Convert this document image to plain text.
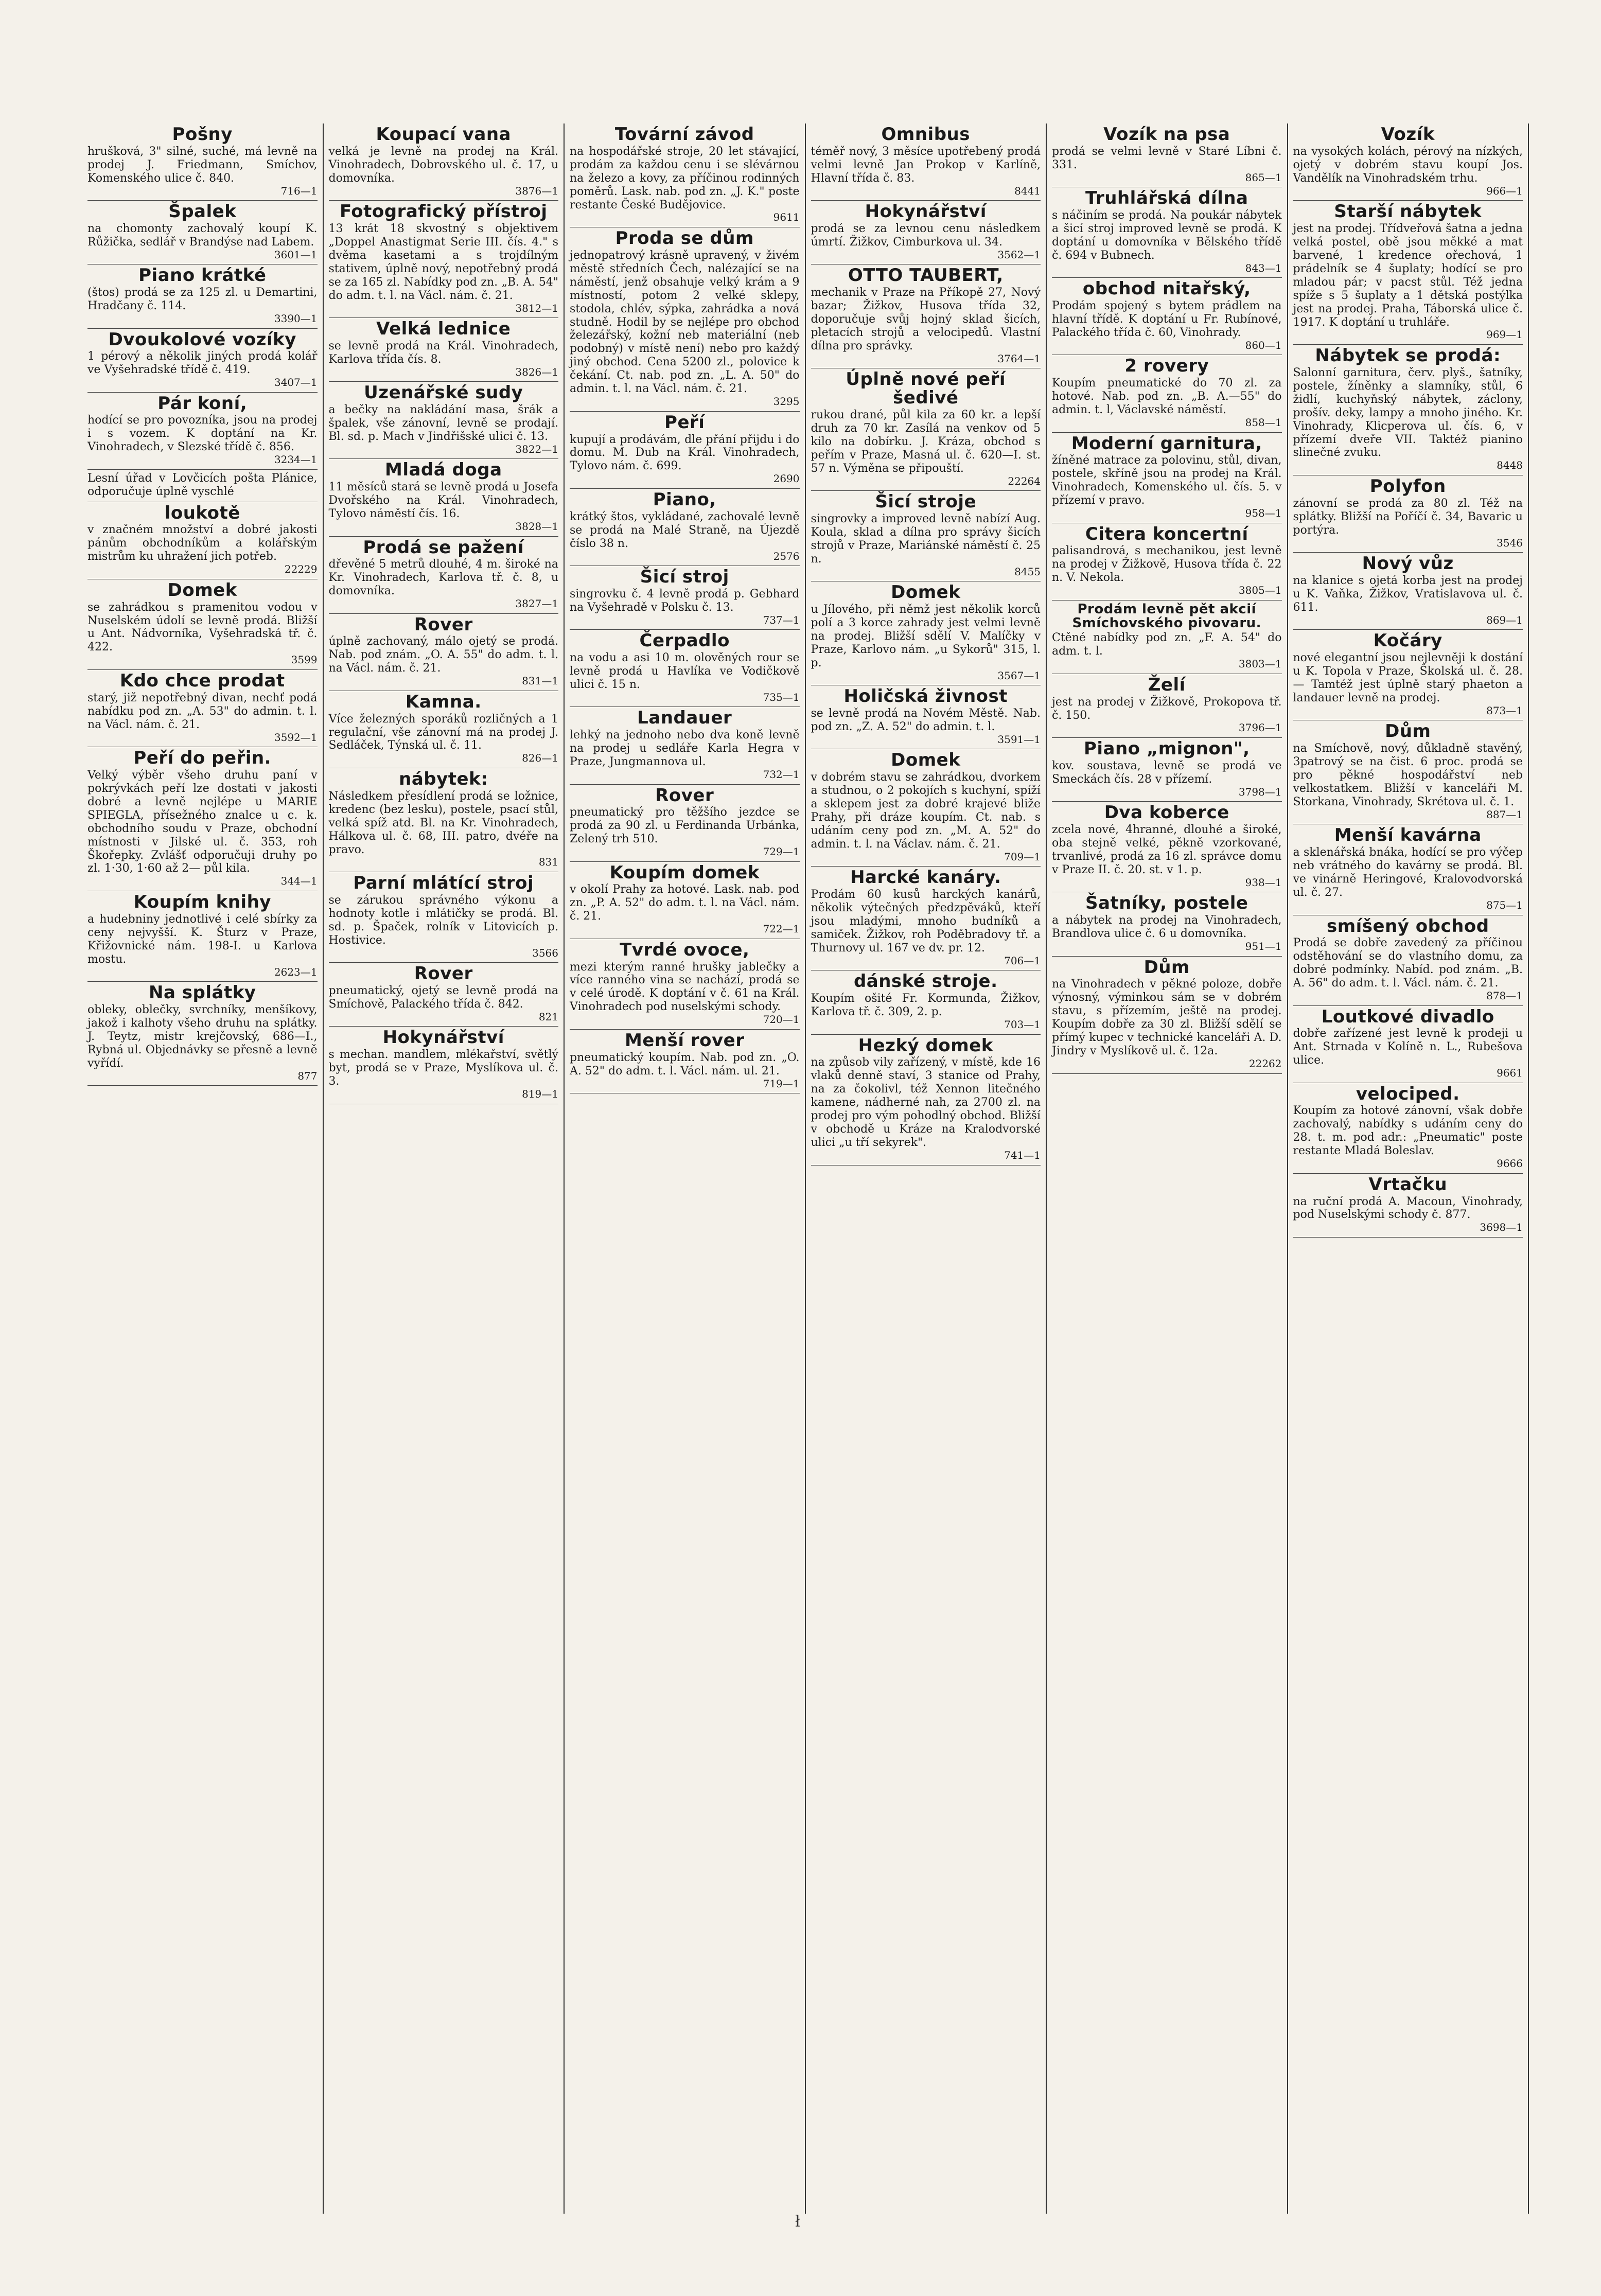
Pošny
hrušková, 3" silné, suché, má levně na prodej J. Friedmann, Smíchov, Komenského ulice č. 840.
716—1
Špalek
na chomonty zachovalý koupí K. Růžička, sedlář v Brandýse nad Labem.
3601—1
Piano krátké
(štos) prodá se za 125 zl. u Demartini, Hradčany č. 114.
3390—1
Dvoukolové vozíky
1 pérový a několik jiných prodá kolář ve Vyšehradské třídě č. 419.
3407—1
Pár koní,
hodící se pro povozníka, jsou na prodej i s vozem. K doptání na Kr. Vinohradech, v Slezské třídě č. 856.
3234—1
Lesní úřad v Lovčicích pošta Plánice, odporučuje úplně vyschlé
loukotě
v značném množství a dobré jakosti pánům obchodníkům a kolářským mistrům ku uhražení jich potřeb.
22229
Domek
se zahrádkou s pramenitou vodou v Nuselském údolí se levně prodá. Bližší u Ant. Nádvorníka, Vyšehradská tř. č. 422.
3599
Kdo chce prodat
starý, již nepotřebný divan, nechť podá nabídku pod zn. „A. 53" do admin. t. l. na Václ. nám. č. 21.
3592—1
Peří do peřin.
Velký výběr všeho druhu paní v pokrývkách peří lze dostati v jakosti dobré a levně nejlépe u MARIE SPIEGLA, přísežného znalce u c. k. obchodního soudu v Praze, obchodní místnosti v Jilské ul. č. 353, roh Škořepky. Zvlášť odporučuji druhy po zl. 1·30, 1·60 až 2— půl kila.
344—1
Koupím knihy
a hudebniny jednotlivé i celé sbírky za ceny nejvyšší. K. Šturz v Praze, Křižovnické nám. 198-I. u Karlova mostu.
2623—1
Na splátky
obleky, oblečky, svrchníky, menšíkovy, jakož i kalhoty všeho druhu na splátky. J. Teytz, mistr krejčovský, 686—I., Rybná ul. Objednávky se přesně a levně vyřídí.
877
Koupací vana
velká je levně na prodej na Král. Vinohradech, Dobrovského ul. č. 17, u domovníka.
3876—1
Fotografický přístroj
13 krát 18 skvostný s objektivem „Doppel Anastigmat Serie III. čís. 4." s dvěma kasetami a s trojdílným stativem, úplně nový, nepotřebný prodá se za 165 zl. Nabídky pod zn. „B. A. 54" do adm. t. l. na Václ. nám. č. 21.
3812—1
Velká lednice
se levně prodá na Král. Vinohradech, Karlova třída čís. 8.
3826—1
Uzenářské sudy
a bečky na nakládání masa, šrák a špalek, vše zánovní, levně se prodají. Bl. sd. p. Mach v Jindřišské ulici č. 13.
3822—1
Mladá doga
11 měsíců stará se levně prodá u Josefa Dvořského na Král. Vinohradech, Tylovo náměstí čís. 16.
3828—1
Prodá se pažení
dřevěné 5 metrů dlouhé, 4 m. široké na Kr. Vinohradech, Karlova tř. č. 8, u domovníka.
3827—1
Rover
úplně zachovaný, málo ojetý se prodá. Nab. pod znám. „O. A. 55" do adm. t. l. na Václ. nám. č. 21.
831—1
Kamna.
Více železných sporáků rozličných a 1 regulační, vše zánovní má na prodej J. Sedláček, Týnská ul. č. 11.
826—1
nábytek:
Následkem přesídlení prodá se ložnice, kredenc (bez lesku), postele, psací stůl, velká spíž atd. Bl. na Kr. Vinohradech, Hálkova ul. č. 68, III. patro, dvéře na pravo.
831
Parní mlátící stroj
se zárukou správného výkonu a hodnoty kotle i mlátičky se prodá. Bl. sd. p. Špaček, rolník v Litovicích p. Hostivice.
3566
Rover
pneumatický, ojetý se levně prodá na Smíchově, Palackého třída č. 842.
821
Hokynářství
s mechan. mandlem, mlékařství, světlý byt, prodá se v Praze, Myslíkova ul. č. 3.
819—1
Tovární závod
na hospodářské stroje, 20 let stávající, prodám za každou cenu i se slévárnou na železo a kovy, za příčinou rodinných poměrů. Lask. nab. pod zn. „J. K." poste restante České Budějovice.
9611
Proda se dům
jednopatrový krásně upravený, v živém městě středních Čech, nalézající se na náměstí, jenž obsahuje velký krám a 9 místností, potom 2 velké sklepy, stodola, chlév, sýpka, zahrádka a nová studně. Hodil by se nejlépe pro obchod železářský, kožní neb materiální (neb podobný) v místě není) nebo pro každý jiný obchod. Cena 5200 zl., polovice k čekání. Ct. nab. pod zn. „L. A. 50" do admin. t. l. na Václ. nám. č. 21.
3295
Peří
kupují a prodávám, dle přání přijdu i do domu. M. Dub na Král. Vinohradech, Tylovo nám. č. 699.
2690
Piano,
krátký štos, vykládané, zachovalé levně se prodá na Malé Straně, na Újezdě číslo 38 n.
2576
Šicí stroj
singrovku č. 4 levně prodá p. Gebhard na Vyšehradě v Polsku č. 13.
737—1
Čerpadlo
na vodu a asi 10 m. olověných rour se levně prodá u Havlíka ve Vodičkově ulici č. 15 n.
735—1
Landauer
lehký na jednoho nebo dva koně levně na prodej u sedláře Karla Hegra v Praze, Jungmannova ul.
732—1
Rover
pneumatický pro těžšího jezdce se prodá za 90 zl. u Ferdinanda Urbánka, Zelený trh 510.
729—1
Koupím domek
v okolí Prahy za hotové. Lask. nab. pod zn. „P. A. 52" do adm. t. l. na Václ. nám. č. 21.
722—1
Tvrdé ovoce,
mezi kterým ranné hrušky jablečky a více ranného vina se nachází, prodá se v celé úrodě. K doptání v č. 61 na Král. Vinohradech pod nuselskými schody.
720—1
Menší rover
pneumatický koupím. Nab. pod zn. „O. A. 52" do adm. t. l. Václ. nám. ul. 21.
719—1
Omnibus
téměř nový, 3 měsíce upotřebený prodá velmi levně Jan Prokop v Karlíně, Hlavní třída č. 83.
8441
Hokynářství
prodá se za levnou cenu následkem úmrtí. Žižkov, Cimburkova ul. 34.
3562—1
OTTO TAUBERT,
mechanik v Praze na Příkopě 27, Nový bazar; Žižkov, Husova třída 32, doporučuje svůj hojný sklad šicích, pletacích strojů a velocipedů. Vlastní dílna pro správky.
3764—1
Úplně nové peří šedivé
rukou drané, půl kila za 60 kr. a lepší druh za 70 kr. Zasílá na venkov od 5 kilo na dobírku. J. Kráza, obchod s peřím v Praze, Masná ul. č. 620—I. st. 57 n. Výměna se připouští.
22264
Šicí stroje
singrovky a improved levně nabízí Aug. Koula, sklad a dílna pro správy šicích strojů v Praze, Mariánské náměstí č. 25 n.
8455
Domek
u Jílového, při němž jest několik korců polí a 3 korce zahrady jest velmi levně na prodej. Bližší sdělí V. Malíčky v Praze, Karlovo nám. „u Sykorů" 315, l. p.
3567—1
Holičská živnost
se levně prodá na Novém Městě. Nab. pod zn. „Z. A. 52" do admin. t. l.
3591—1
Domek
v dobrém stavu se zahrádkou, dvorkem a studnou, o 2 pokojích s kuchyní, spíží a sklepem jest za dobré krajevé bliže Prahy, při dráze koupím. Ct. nab. s udáním ceny pod zn. „M. A. 52" do admin. t. l. na Václav. nám. č. 21.
709—1
Harcké kanáry.
Prodám 60 kusů harckých kanárů, několik výtečných předzpěváků, kteří jsou mladými, mnoho budníků a samiček. Žižkov, roh Poděbradovy tř. a Thurnovy ul. 167 ve dv. pr. 12.
706—1
dánské stroje.
Koupím ošité Fr. Kormunda, Žižkov, Karlova tř. č. 309, 2. p.
703—1
Hezký domek
na způsob vily zařízený, v místě, kde 16 vlaků denně staví, 3 stanice od Prahy, na za čokolivl, též Xennon litečného kamene, nádherné nah, za 2700 zl. na prodej pro vým pohodlný obchod. Bližší v obchodě u Kráze na Kralodvorské ulici „u tří sekyrek".
741—1
Vozík na psa
prodá se velmi levně v Staré Líbni č. 331.
865—1
Truhlářská dílna
s náčiním se prodá. Na poukár nábytek a šicí stroj improved levně se prodá. K doptání u domovníka v Bělského třídě č. 694 v Bubnech.
843—1
obchod nitařský,
Prodám spojený s bytem prádlem na hlavní třídě. K doptání u Fr. Rubínové, Palackého třída č. 60, Vinohrady.
860—1
2 rovery
Koupím pneumatické do 70 zl. za hotové. Nab. pod zn. „B. A.—55" do admin. t. l, Václavské náměstí.
858—1
Moderní garnitura,
žíněné matrace za polovinu, stůl, divan, postele, skříně jsou na prodej na Král. Vinohradech, Komenského ul. čís. 5. v přízemí v pravo.
958—1
Citera koncertní
palisandrová, s mechanikou, jest levně na prodej v Žižkově, Husova třída č. 22 n. V. Nekola.
3805—1
Prodám levně pět akcií Smíchovského pivovaru.
Ctěné nabídky pod zn. „F. A. 54" do adm. t. l.
3803—1
Želí
jest na prodej v Žižkově, Prokopova tř. č. 150.
3796—1
Piano „mignon",
kov. soustava, levně se prodá ve Smeckách čís. 28 v přízemí.
3798—1
Dva koberce
zcela nové, 4hranné, dlouhé a široké, oba stejně velké, pěkně vzorkované, trvanlivé, prodá za 16 zl. správce domu v Praze II. č. 20. st. v 1. p.
938—1
Šatníky, postele
a nábytek na prodej na Vinohradech, Brandlova ulice č. 6 u domovníka.
951—1
Dům
na Vinohradech v pěkné poloze, dobře výnosný, výminkou sám se v dobrém stavu, s přízemím, ještě na prodej. Koupím dobře za 30 zl. Bližší sdělí se přímý kupec v technické kanceláři A. D. Jindry v Myslíkově ul. č. 12a.
22262
Vozík
na vysokých kolách, pérový na nízkých, ojetý v dobrém stavu koupí Jos. Vandělík na Vinohradském trhu.
966—1
Starší nábytek
jest na prodej. Třídveřová šatna a jedna velká postel, obě jsou měkké a mat barvené, 1 kredence ořechová, 1 prádelník se 4 šuplaty; hodící se pro mladou pár; v pacst stůl. Též jedna spíže s 5 šuplaty a 1 dětská postýlka jest na prodej. Praha, Táborská ulice č. 1917. K doptání u truhláře.
969—1
Nábytek se prodá:
Salonní garnitura, červ. plyš., šatníky, postele, žíněnky a slamníky, stůl, 6 židlí, kuchyňský nábytek, záclony, prošív. deky, lampy a mnoho jiného. Kr. Vinohrady, Klicperova ul. čís. 6, v přízemí dveře VII. Taktéž pianino slinečné zvuku.
8448
Polyfon
zánovní se prodá za 80 zl. Též na splátky. Bližší na Poříčí č. 34, Bavaric u portýra.
3546
Nový vůz
na klanice s ojetá korba jest na prodej u K. Vaňka, Žižkov, Vratislavova ul. č. 611.
869—1
Kočáry
nové elegantní jsou nejlevněji k dostání u K. Topola v Praze, Školská ul. č. 28. — Tamtéž jest úplně starý phaeton a landauer levně na prodej.
873—1
Dům
na Smíchově, nový, důkladně stavěný, 3patrový se na čist. 6 proc. prodá se pro pěkné hospodářství neb velkostatkem. Bližší v kanceláři M. Storkana, Vinohrady, Skrétova ul. č. 1.
887—1
Menší kavárna
a sklenářská bnáka, hodící se pro výčep neb vrátného do kavárny se prodá. Bl. ve vinárně Heringové, Kralovodvorská ul. č. 27.
875—1
smíšený obchod
Prodá se dobře zavedený za příčinou odstěhování se do vlastního domu, za dobré podmínky. Nabíd. pod znám. „B. A. 56" do adm. t. l. Václ. nám. č. 21.
878—1
Loutkové divadlo
dobře zařízené jest levně k prodeji u Ant. Strnada v Kolíně n. L., Rubešova ulice.
9661
velociped.
Koupím za hotové zánovní, však dobře zachovalý, nabídky s udáním ceny do 28. t. m. pod adr.: „Pneumatic" poste restante Mladá Boleslav.
9666
Vrtačku
na ruční prodá A. Macoun, Vinohrady, pod Nuselskými schody č. 877.
3698—1
ł
